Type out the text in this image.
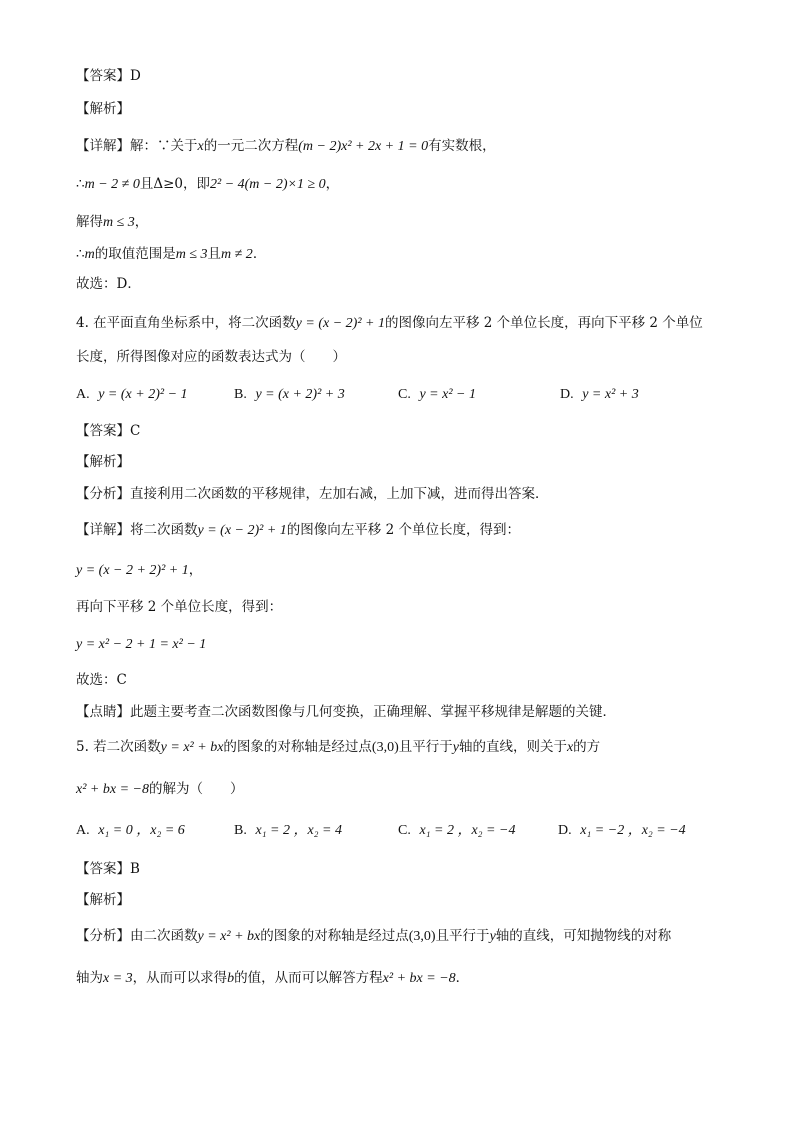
【答案】D
【解析】
【详解】解：∵关于x的一元二次方程(m − 2)x² + 2x + 1 = 0有实数根，
∴m − 2 ≠ 0且Δ≥0，即2² − 4(m − 2)×1 ≥ 0，
解得m ≤ 3，
∴m的取值范围是m ≤ 3且m ≠ 2．
故选：D．
4. 在平面直角坐标系中，将二次函数y = (x − 2)² + 1的图像向左平移 2 个单位长度，再向下平移 2 个单位
长度，所得图像对应的函数表达式为（　　）
A. y = (x + 2)² − 1	B. y = (x + 2)² + 3	C. y = x² − 1	D. y = x² + 3
【答案】C
【解析】
【分析】直接利用二次函数的平移规律，左加右减，上加下减，进而得出答案．
【详解】将二次函数y = (x − 2)² + 1的图像向左平移 2 个单位长度，得到：
y = (x − 2 + 2)² + 1，
再向下平移 2 个单位长度，得到：
y = x² − 2 + 1 = x² − 1
故选：C
【点睛】此题主要考查二次函数图像与几何变换，正确理解、掌握平移规律是解题的关键．
5. 若二次函数y = x² + bx的图象的对称轴是经过点(3,0)且平行于y轴的直线，则关于x的方
x² + bx = −8的解为（　　）
A. x₁ = 0 ，x₂ = 6	B. x₁ = 2 ，x₂ = 4	C. x₁ = 2 ，x₂ = −4	D. x₁ = −2 ，x₂ = −4
【答案】B
【解析】
【分析】由二次函数y = x² + bx的图象的对称轴是经过点(3,0)且平行于y轴的直线，可知抛物线的对称
轴为x = 3，从而可以求得b的值，从而可以解答方程x² + bx = −8．
